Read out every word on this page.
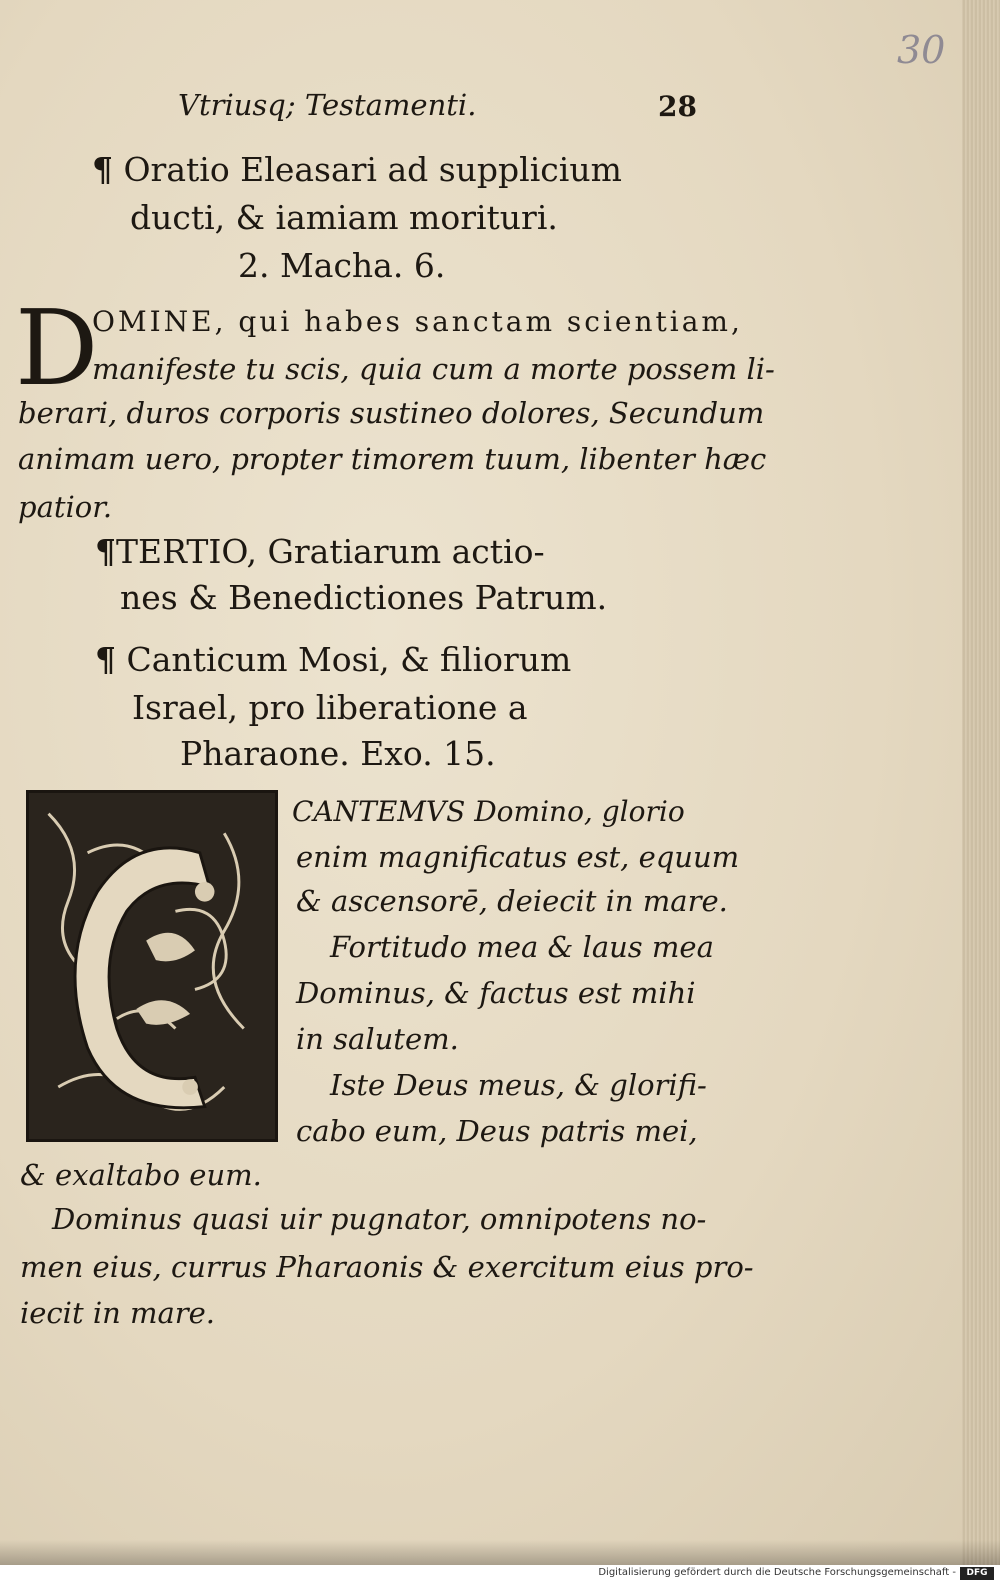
30
Vtriusq; Testamenti.	28
¶ Oratio Eleasari ad supplicium
ducti, & iamiam morituri.
2. Macha. 6.
D
OMINE, qui habes sanctam scientiam,
manifeste tu scis, quia cum a morte possem li-
berari, duros corporis sustineo dolores, Secundum
animam uero, propter timorem tuum, libenter hæc
patior.
¶TERTIO, Gratiarum actio-
nes & Benedictiones Patrum.
¶ Canticum Mosi, & filiorum
Israel, pro liberatione a
Pharaone. Exo. 15.
CANTEMVS Domino, glorio
enim magnificatus est, equum
& ascensorē, deiecit in mare.
Fortitudo mea & laus mea
Dominus, & factus est mihi
in salutem.
Iste Deus meus, & glorifi-
cabo eum, Deus patris mei,
& exaltabo eum.
Dominus quasi uir pugnator, omnipotens no-
men eius, currus Pharaonis & exercitum eius pro-
iecit in mare.
Digitalisierung gefördert durch die Deutsche Forschungsgemeinschaft -	DFG
